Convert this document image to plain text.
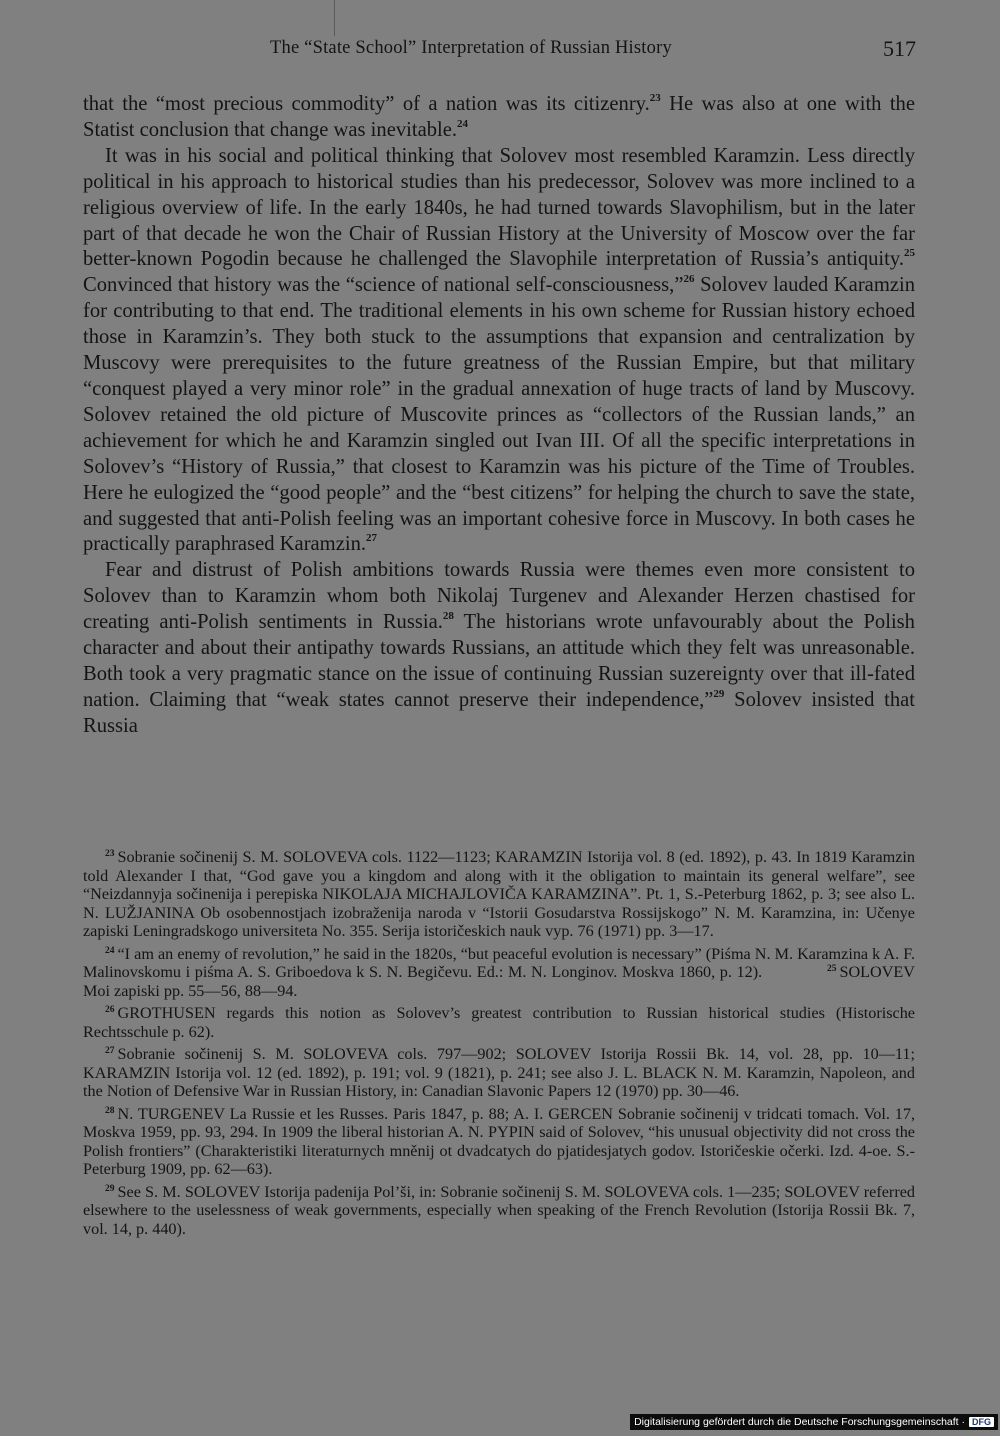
The “State School” Interpretation of Russian History	517

that the “most precious commodity” of a nation was its citizenry.$^{23}$ He was also at one with the Statist conclusion that change was inevitable.$^{24}$

It was in his social and political thinking that Solovev most resembled Karamzin. Less directly political in his approach to historical studies than his predecessor, Solovev was more inclined to a religious overview of life. In the early 1840s, he had turned towards Slavophilism, but in the later part of that decade he won the Chair of Russian History at the University of Moscow over the far better-known Pogodin because he challenged the Slavophile interpretation of Russia’s antiquity.$^{25}$ Convinced that history was the “science of national self-consciousness,”$^{26}$ Solovev lauded Karamzin for contributing to that end. The traditional elements in his own scheme for Russian history echoed those in Karamzin’s. They both stuck to the assumptions that expansion and centralization by Muscovy were prerequisites to the future greatness of the Russian Empire, but that military “conquest played a very minor role” in the gradual annexation of huge tracts of land by Muscovy. Solovev retained the old picture of Muscovite princes as “collectors of the Russian lands,” an achievement for which he and Karamzin singled out Ivan III. Of all the specific interpretations in Solovev’s “History of Russia,” that closest to Karamzin was his picture of the Time of Troubles. Here he eulogized the “good people” and the “best citizens” for helping the church to save the state, and suggested that anti-Polish feeling was an important cohesive force in Muscovy. In both cases he practically paraphrased Karamzin.$^{27}$

Fear and distrust of Polish ambitions towards Russia were themes even more consistent to Solovev than to Karamzin whom both Nikolaj Turgenev and Alexander Herzen chastised for creating anti-Polish sentiments in Russia.$^{28}$ The historians wrote unfavourably about the Polish character and about their antipathy towards Russians, an attitude which they felt was unreasonable. Both took a very pragmatic stance on the issue of continuing Russian suzereignty over that ill-fated nation. Claiming that “weak states cannot preserve their independence,”$^{29}$ Solovev insisted that Russia

$^{23}$ Sobranie sočinenij S. M. SOLOVEVA cols. 1122—1123; KARAMZIN Istorija vol. 8 (ed. 1892), p. 43. In 1819 Karamzin told Alexander I that, “God gave you a kingdom and along with it the obligation to maintain its general welfare”, see “Neizdannyja sočinenija i perepiska NIKOLAJA MICHAJLOVIČA KARAMZINA”. Pt. 1, S.-Peterburg 1862, p. 3; see also L. N. LUŽJANINA Ob osobennostjach izobraženija naroda v “Istorii Gosudarstva Rossijskogo” N. M. Karamzina, in: Učenye zapiski Leningradskogo universiteta No. 355. Serija istoričeskich nauk vyp. 76 (1971) pp. 3—17.

$^{24}$ “I am an enemy of revolution,” he said in the 1820s, “but peaceful evolution is necessary” (Piśma N. M. Karamzina k A. F. Malinovskomu i piśma A. S. Griboedova k S. N. Begičevu. Ed.: M. N. Longinov. Moskva 1860, p. 12).	$^{25}$ SOLOVEV Moi zapiski pp. 55—56, 88—94.

$^{26}$ GROTHUSEN regards this notion as Solovev’s greatest contribution to Russian historical studies (Historische Rechtsschule p. 62).

$^{27}$ Sobranie sočinenij S. M. SOLOVEVA cols. 797—902; SOLOVEV Istorija Rossii Bk. 14, vol. 28, pp. 10—11; KARAMZIN Istorija vol. 12 (ed. 1892), p. 191; vol. 9 (1821), p. 241; see also J. L. BLACK N. M. Karamzin, Napoleon, and the Notion of Defensive War in Russian History, in: Canadian Slavonic Papers 12 (1970) pp. 30—46.

$^{28}$ N. TURGENEV La Russie et les Russes. Paris 1847, p. 88; A. I. GERCEN Sobranie sočinenij v tridcati tomach. Vol. 17, Moskva 1959, pp. 93, 294. In 1909 the liberal historian A. N. PYPIN said of Solovev, “his unusual objectivity did not cross the Polish frontiers” (Charakteristiki literaturnych mněnij ot dvadcatych do pjatidesjatych godov. Istoričeskie očerki. Izd. 4-oe. S.-Peterburg 1909, pp. 62—63).

$^{29}$ See S. M. SOLOVEV Istorija padenija Pol’ši, in: Sobranie sočinenij S. M. SOLOVEVA cols. 1—235; SOLOVEV referred elsewhere to the uselessness of weak governments, especially when speaking of the French Revolution (Istorija Rossii Bk. 7, vol. 14, p. 440).

Digitalisierung gefördert durch die Deutsche Forschungsgemeinschaft · DFG
